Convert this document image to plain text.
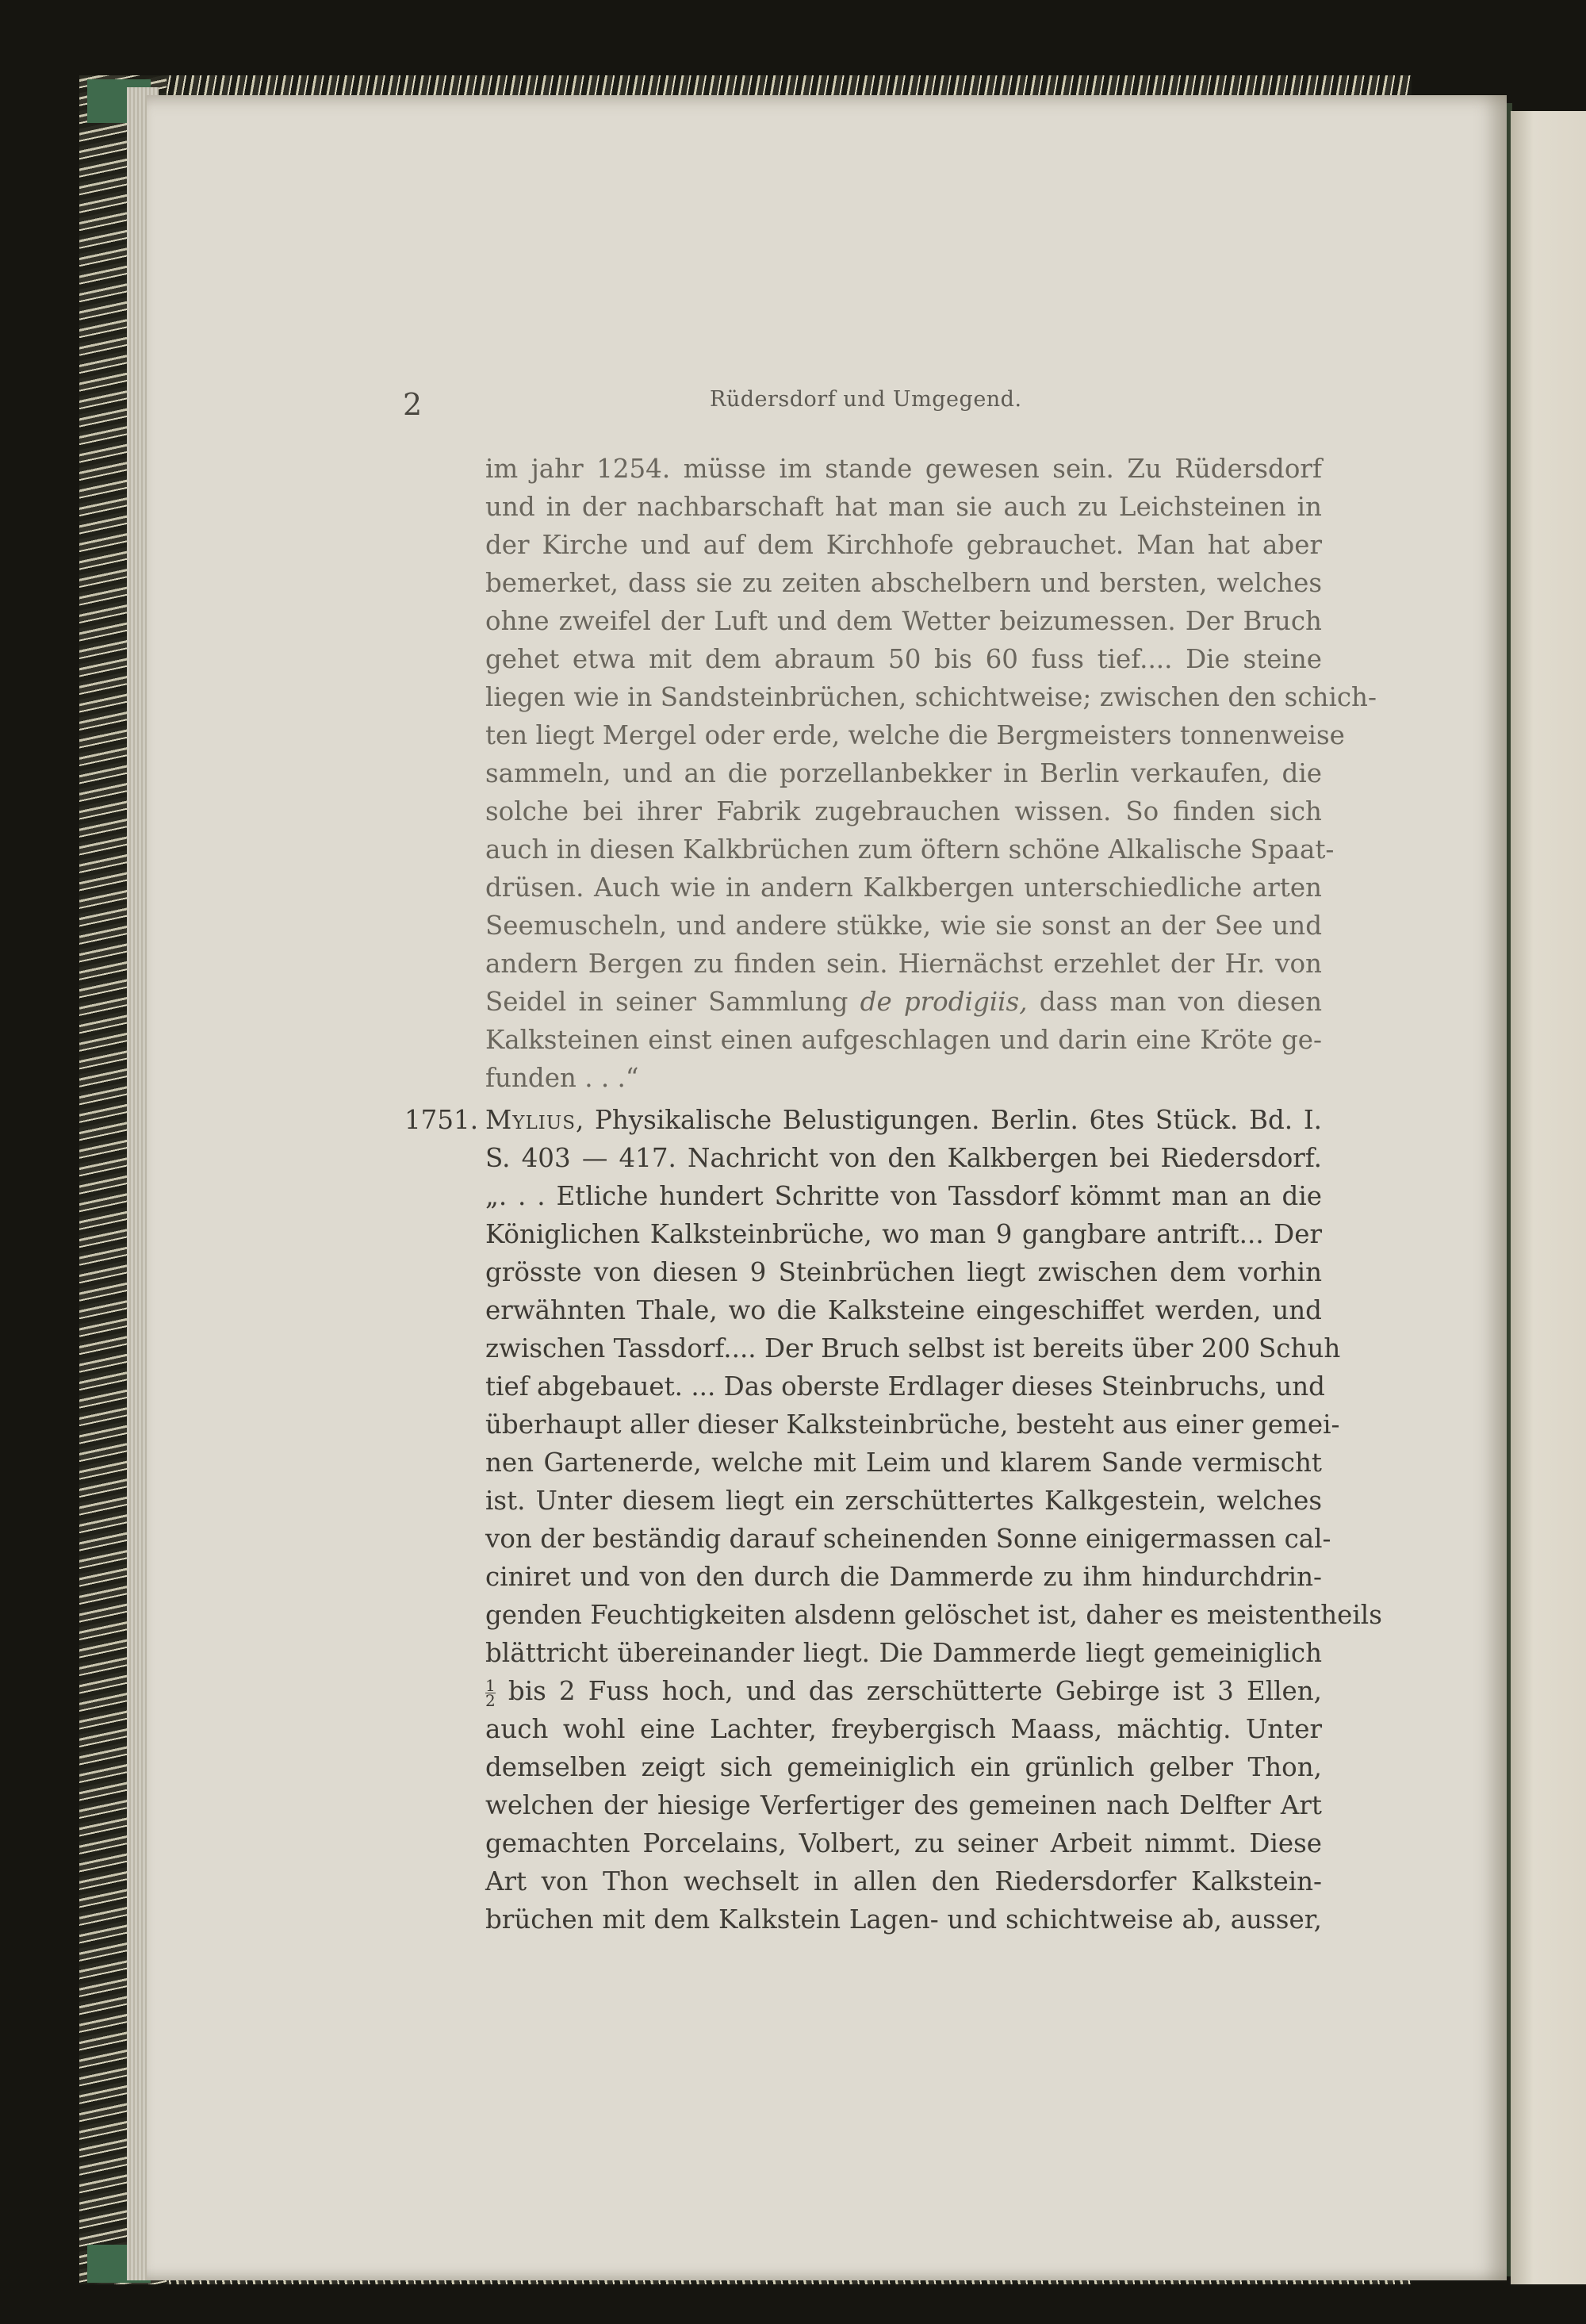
2	Rüdersdorf und Umgegend.
im jahr 1254. müsse im stande gewesen sein. Zu Rüdersdorf
und in der nachbarschaft hat man sie auch zu Leichsteinen in
der Kirche und auf dem Kirchhofe gebrauchet. Man hat aber
bemerket, dass sie zu zeiten abschelbern und bersten, welches
ohne zweifel der Luft und dem Wetter beizumessen. Der Bruch
gehet etwa mit dem abraum 50 bis 60 fuss tief.... Die steine
liegen wie in Sandsteinbrüchen, schichtweise; zwischen den schich-
ten liegt Mergel oder erde, welche die Bergmeisters tonnenweise
sammeln, und an die porzellanbekker in Berlin verkaufen, die
solche bei ihrer Fabrik zugebrauchen wissen. So finden sich
auch in diesen Kalkbrüchen zum öftern schöne Alkalische Spaat-
drüsen. Auch wie in andern Kalkbergen unterschiedliche arten
Seemuscheln, und andere stükke, wie sie sonst an der See und
andern Bergen zu finden sein. Hiernächst erzehlet der Hr. von
Seidel in seiner Sammlung de prodigiis, dass man von diesen
Kalksteinen einst einen aufgeschlagen und darin eine Kröte ge-
funden . . .“
1751. Mylius, Physikalische Belustigungen. Berlin. 6tes Stück. Bd. I.
S. 403 — 417. Nachricht von den Kalkbergen bei Riedersdorf.
„. . . Etliche hundert Schritte von Tassdorf kömmt man an die
Königlichen Kalksteinbrüche, wo man 9 gangbare antrift... Der
grösste von diesen 9 Steinbrüchen liegt zwischen dem vorhin
erwähnten Thale, wo die Kalksteine eingeschiffet werden, und
zwischen Tassdorf.... Der Bruch selbst ist bereits über 200 Schuh
tief abgebauet. ... Das oberste Erdlager dieses Steinbruchs, und
überhaupt aller dieser Kalksteinbrüche, besteht aus einer gemei-
nen Gartenerde, welche mit Leim und klarem Sande vermischt
ist. Unter diesem liegt ein zerschüttertes Kalkgestein, welches
von der beständig darauf scheinenden Sonne einigermassen cal-
ciniret und von den durch die Dammerde zu ihm hindurchdrin-
genden Feuchtigkeiten alsdenn gelöschet ist, daher es meistentheils
blättricht übereinander liegt. Die Dammerde liegt gemeiniglich
$\frac{1}{2}$ bis 2 Fuss hoch, und das zerschütterte Gebirge ist 3 Ellen,
auch wohl eine Lachter, freybergisch Maass, mächtig. Unter
demselben zeigt sich gemeiniglich ein grünlich gelber Thon,
welchen der hiesige Verfertiger des gemeinen nach Delfter Art
gemachten Porcelains, Volbert, zu seiner Arbeit nimmt. Diese
Art von Thon wechselt in allen den Riedersdorfer Kalkstein-
brüchen mit dem Kalkstein Lagen- und schichtweise ab, ausser,
